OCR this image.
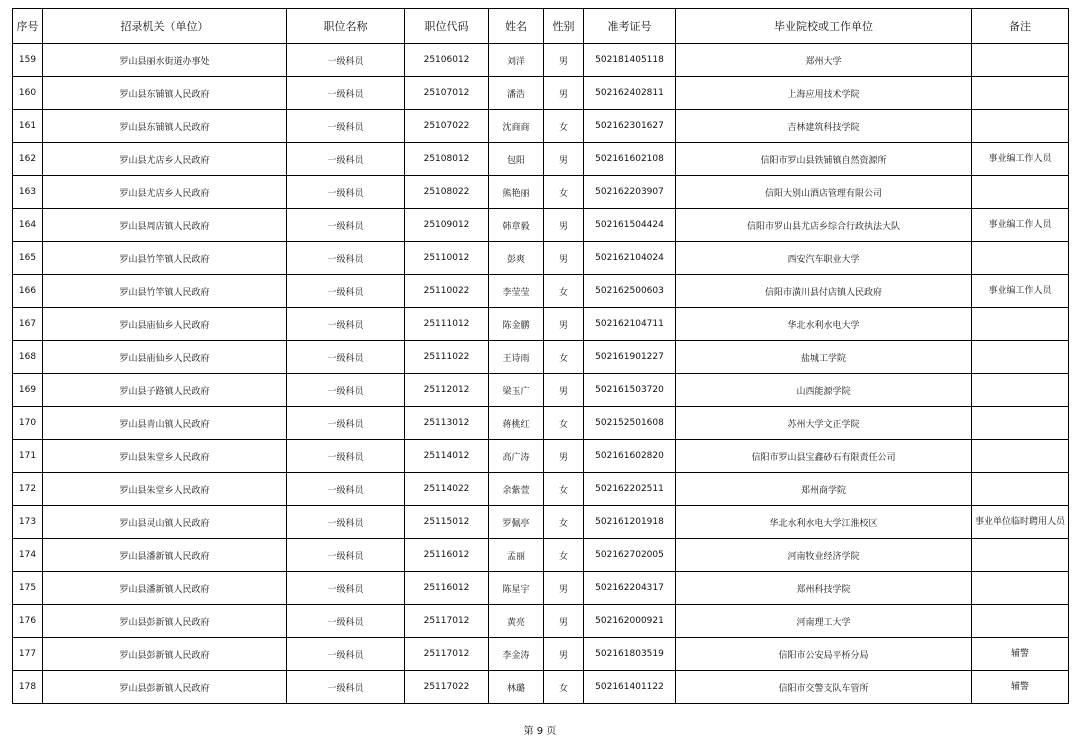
序号	招录机关（单位）	职位名称	职位代码	姓名	性别	准考证号	毕业院校或工作单位	备注
159	罗山县丽水街道办事处	一级科员	25106012	刘洋	男	502181405118	郑州大学	
160	罗山县东铺镇人民政府	一级科员	25107012	潘浩	男	502162402811	上海应用技术学院	
161	罗山县东铺镇人民政府	一级科员	25107022	沈商商	女	502162301627	吉林建筑科技学院	
162	罗山县尤店乡人民政府	一级科员	25108012	包阳	男	502161602108	信阳市罗山县铁铺镇自然资源所	事业编工作人员
163	罗山县尤店乡人民政府	一级科员	25108022	熊艳丽	女	502162203907	信阳大别山酒店管理有限公司	
164	罗山县周店镇人民政府	一级科员	25109012	韩章毅	男	502161504424	信阳市罗山县尤店乡综合行政执法大队	事业编工作人员
165	罗山县竹竿镇人民政府	一级科员	25110012	彭爽	男	502162104024	西安汽车职业大学	
166	罗山县竹竿镇人民政府	一级科员	25110022	李莹莹	女	502162500603	信阳市潢川县付店镇人民政府	事业编工作人员
167	罗山县庙仙乡人民政府	一级科员	25111012	陈金鹏	男	502162104711	华北水利水电大学	
168	罗山县庙仙乡人民政府	一级科员	25111022	王诗雨	女	502161901227	盐城工学院	
169	罗山县子路镇人民政府	一级科员	25112012	梁玉广	男	502161503720	山西能源学院	
170	罗山县青山镇人民政府	一级科员	25113012	蒋桃红	女	502152501608	苏州大学文正学院	
171	罗山县朱堂乡人民政府	一级科员	25114012	高广涛	男	502161602820	信阳市罗山县宝鑫砂石有限责任公司	
172	罗山县朱堂乡人民政府	一级科员	25114022	余紫萱	女	502162202511	郑州商学院	
173	罗山县灵山镇人民政府	一级科员	25115012	罗佩亭	女	502161201918	华北水利水电大学江淮校区	事业单位临时聘用人员
174	罗山县潘新镇人民政府	一级科员	25116012	孟丽	女	502162702005	河南牧业经济学院	
175	罗山县潘新镇人民政府	一级科员	25116012	陈星宇	男	502162204317	郑州科技学院	
176	罗山县彭新镇人民政府	一级科员	25117012	黄亮	男	502162000921	河南理工大学	
177	罗山县彭新镇人民政府	一级科员	25117012	李金涛	男	502161803519	信阳市公安局平桥分局	辅警
178	罗山县彭新镇人民政府	一级科员	25117022	林璐	女	502161401122	信阳市交警支队车管所	辅警
第 9 页
